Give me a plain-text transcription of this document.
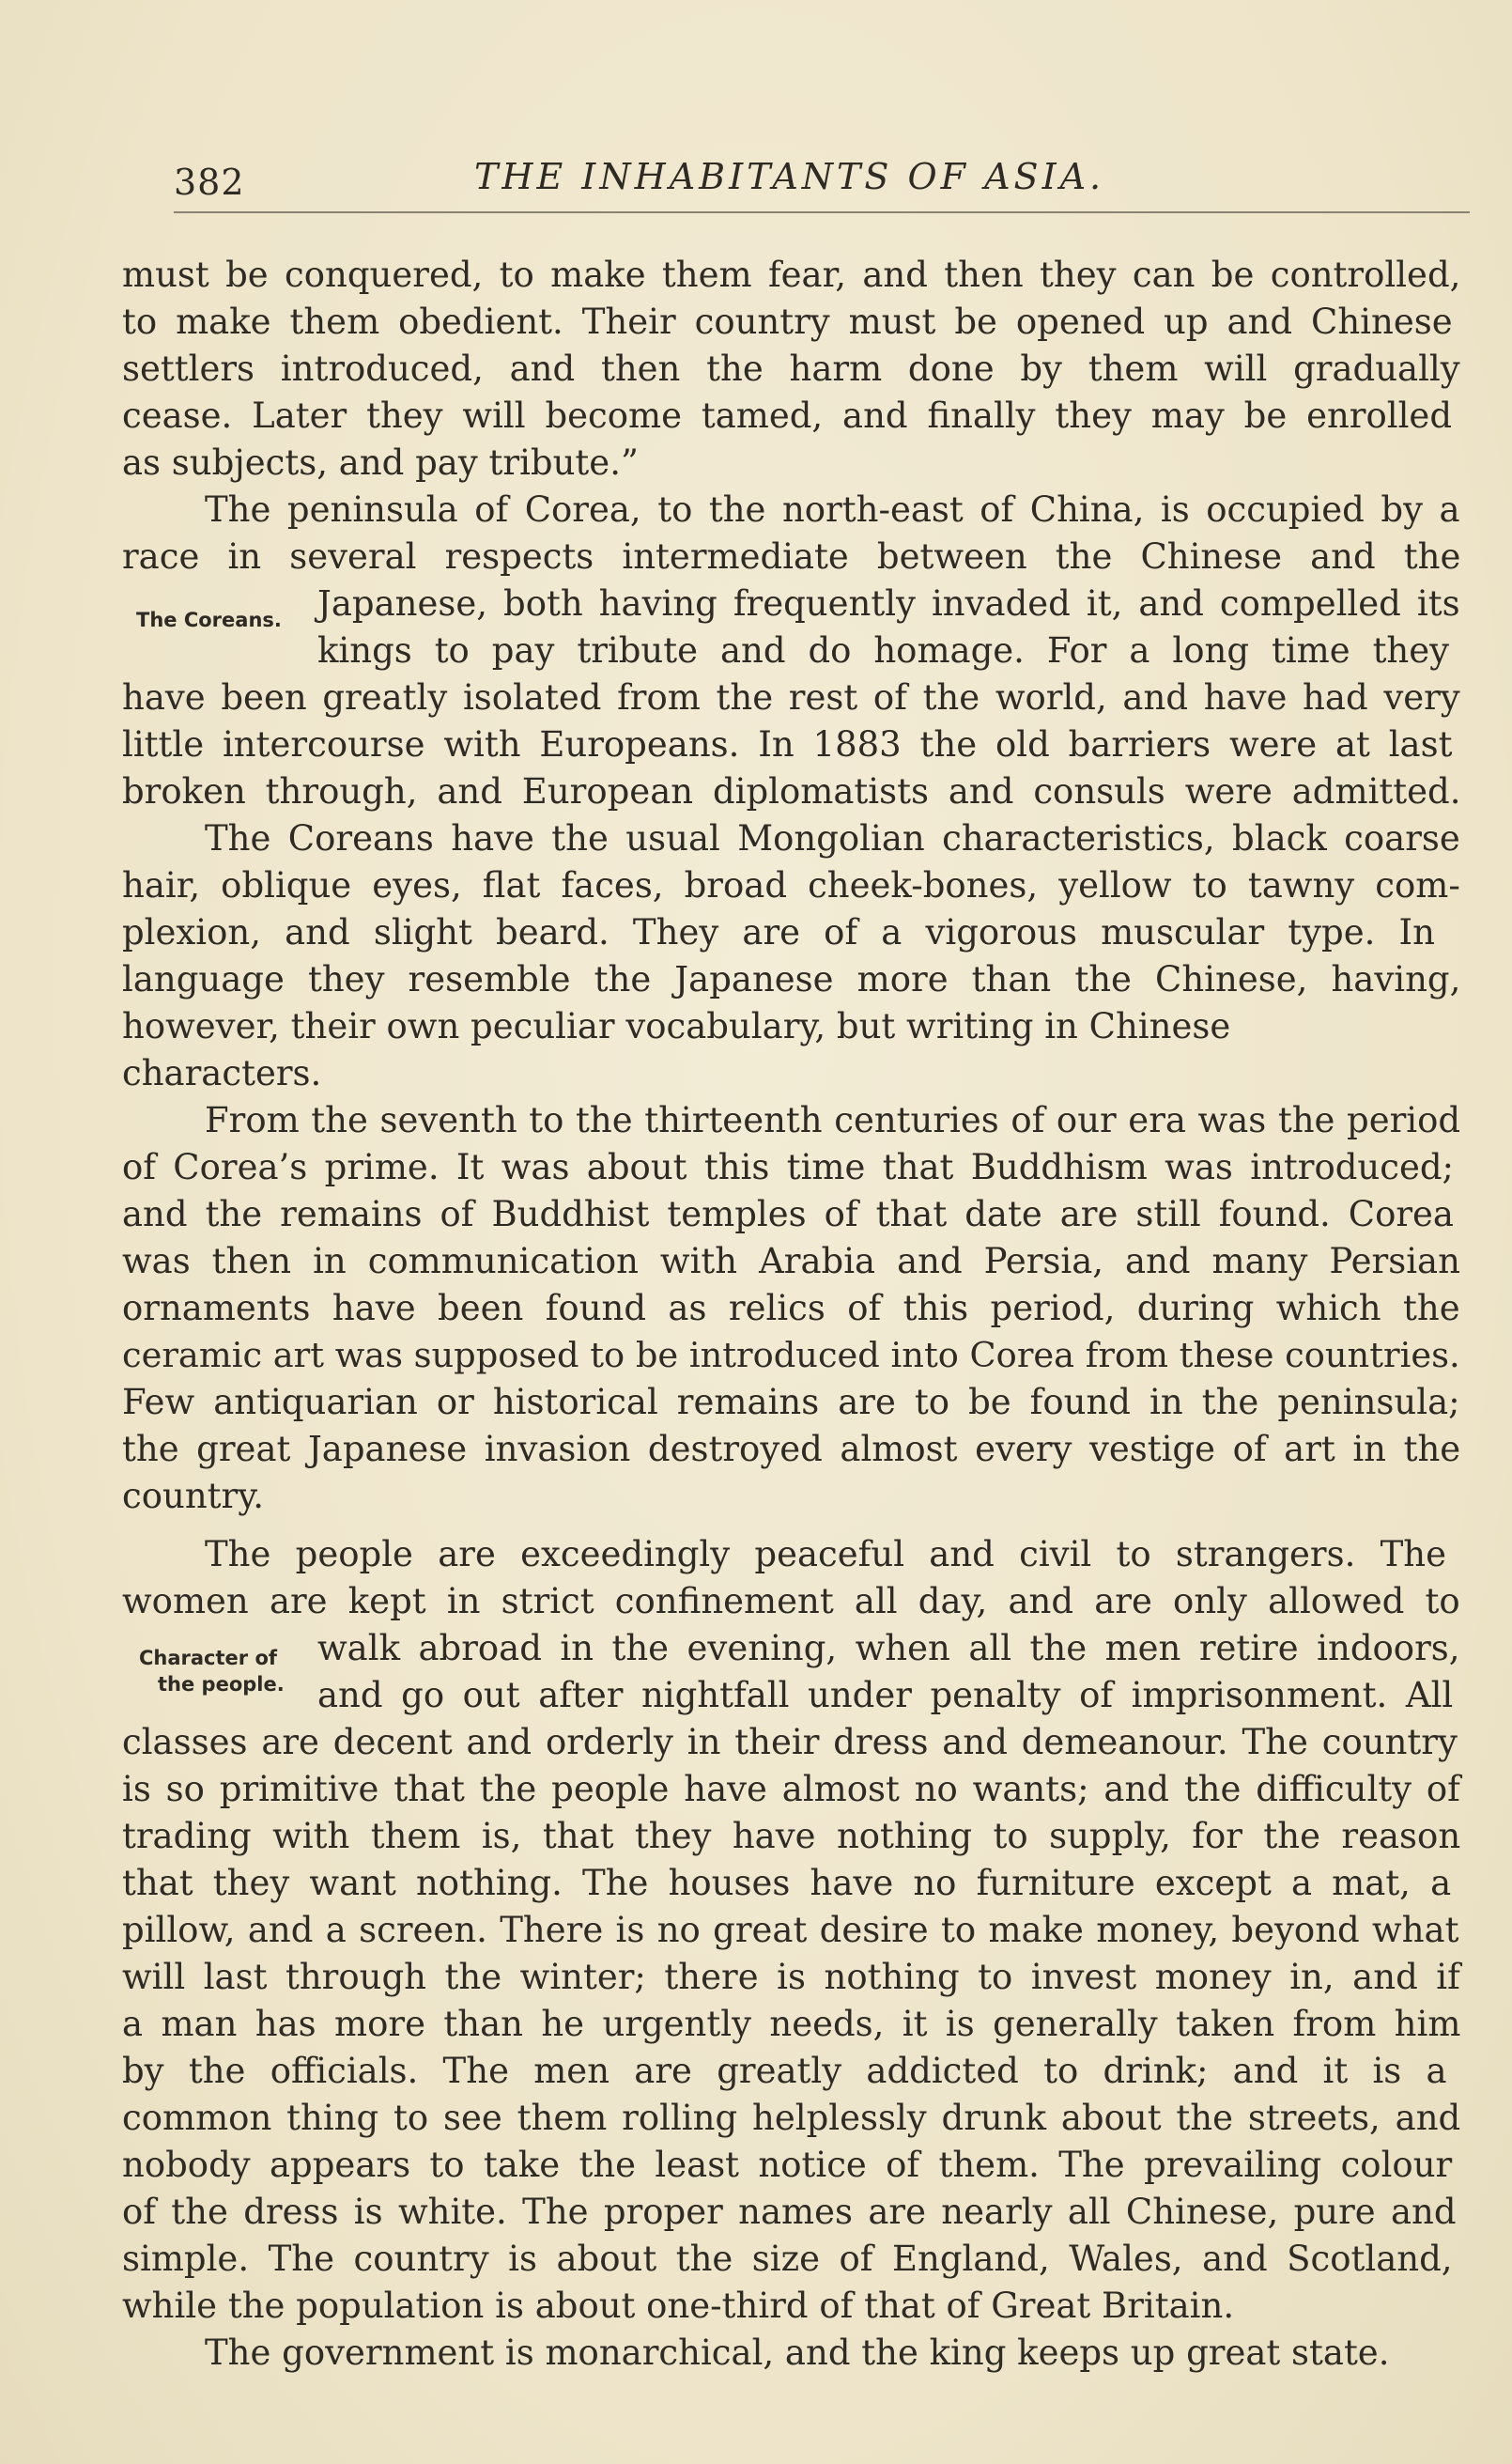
382	THE INHABITANTS OF ASIA.
The Coreans.
Character of
the people.
must be conquered, to make them fear, and then they can be controlled,
to make them obedient. Their country must be opened up and Chinese
settlers introduced, and then the harm done by them will gradually
cease. Later they will become tamed, and finally they may be enrolled
as subjects, and pay tribute.”
The peninsula of Corea, to the north-east of China, is occupied by a
race in several respects intermediate between the Chinese and the
Japanese, both having frequently invaded it, and compelled its
kings to pay tribute and do homage. For a long time they
have been greatly isolated from the rest of the world, and have had very
little intercourse with Europeans. In 1883 the old barriers were at last
broken through, and European diplomatists and consuls were admitted.
The Coreans have the usual Mongolian characteristics, black coarse
hair, oblique eyes, flat faces, broad cheek-bones, yellow to tawny com-
plexion, and slight beard. They are of a vigorous muscular type. In
language they resemble the Japanese more than the Chinese, having,
however, their own peculiar vocabulary, but writing in Chinese
characters.
From the seventh to the thirteenth centuries of our era was the period
of Corea’s prime. It was about this time that Buddhism was introduced;
and the remains of Buddhist temples of that date are still found. Corea
was then in communication with Arabia and Persia, and many Persian
ornaments have been found as relics of this period, during which the
ceramic art was supposed to be introduced into Corea from these countries.
Few antiquarian or historical remains are to be found in the peninsula;
the great Japanese invasion destroyed almost every vestige of art in the
country.
The people are exceedingly peaceful and civil to strangers. The
women are kept in strict confinement all day, and are only allowed to
walk abroad in the evening, when all the men retire indoors,
and go out after nightfall under penalty of imprisonment. All
classes are decent and orderly in their dress and demeanour. The country
is so primitive that the people have almost no wants; and the difficulty of
trading with them is, that they have nothing to supply, for the reason
that they want nothing. The houses have no furniture except a mat, a
pillow, and a screen. There is no great desire to make money, beyond what
will last through the winter; there is nothing to invest money in, and if
a man has more than he urgently needs, it is generally taken from him
by the officials. The men are greatly addicted to drink; and it is a
common thing to see them rolling helplessly drunk about the streets, and
nobody appears to take the least notice of them. The prevailing colour
of the dress is white. The proper names are nearly all Chinese, pure and
simple. The country is about the size of England, Wales, and Scotland,
while the population is about one-third of that of Great Britain.
The government is monarchical, and the king keeps up great state.
